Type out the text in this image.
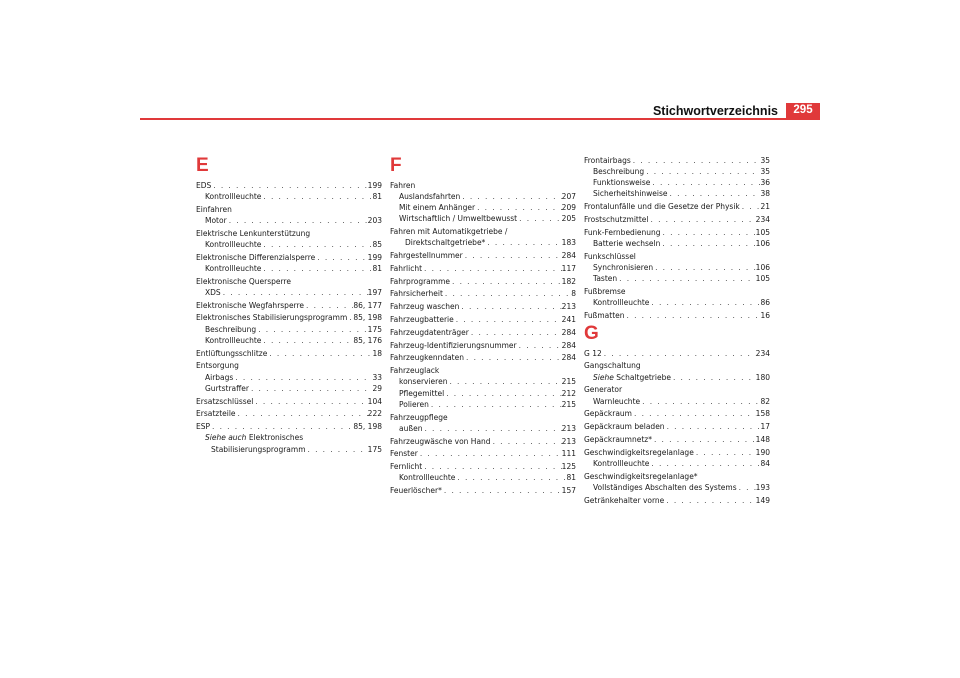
Stichwortverzeichnis	295
E
EDS . . .	199
Kontrollleuchte . . .	81
Einfahren
Motor . . .	203
Elektrische Lenkunterstützung
Kontrollleuchte . . .	85
Elektronische Differenzialsperre . . .	199
Kontrollleuchte . . .	81
Elektronische Quersperre
XDS . . .	197
Elektronische Wegfahrsperre . . .	86, 177
Elektronisches Stabilisierungsprogramm . . . 85, 198
Beschreibung . . .	175
Kontrollleuchte . . .	85, 176
Entlüftungsschlitze . . .	18
Entsorgung
Airbags . . .	33
Gurtstraffer . . .	29
Ersatzschlüssel . . .	104
Ersatzteile . . .	222
ESP . . .	85, 198
Siehe auch Elektronisches
Stabilisierungsprogramm . . .	175
F
Fahren
Auslandsfahrten . . .	207
Mit einem Anhänger . . .	209
Wirtschaftlich / Umweltbewusst . . .	205
Fahren mit Automatikgetriebe /
Direktschaltgetriebe* . . .	183
Fahrgestellnummer . . .	284
Fahrlicht . . .	117
Fahrprogramme . . .	182
Fahrsicherheit . . .	8
Fahrzeug waschen . . .	213
Fahrzeugbatterie . . .	241
Fahrzeugdatenträger . . .	284
Fahrzeug-Identifizierungsnummer . . .	284
Fahrzeugkenndaten . . .	284
Fahrzeuglack
konservieren . . .	215
Pflegemittel . . .	212
Polieren . . .	215
Fahrzeugpflege
außen . . .	213
Fahrzeugwäsche von Hand . . .	213
Fenster . . .	111
Fernlicht . . .	125
Kontrollleuchte . . .	81
Feuerlöscher* . . .	157
Frontairbags . . .	35
Beschreibung . . .	35
Funktionsweise . . .	36
Sicherheitshinweise . . .	38
Frontalunfälle und die Gesetze der Physik . . .	21
Frostschutzmittel . . .	234
Funk-Fernbedienung . . .	105
Batterie wechseln . . .	106
Funkschlüssel
Synchronisieren . . .	106
Tasten . . .	105
Fußbremse
Kontrollleuchte . . .	86
Fußmatten . . .	16
G
G 12 . . .	234
Gangschaltung
Siehe Schaltgetriebe . . .	180
Generator
Warnleuchte . . .	82
Gepäckraum . . .	158
Gepäckraum beladen . . .	17
Gepäckraumnetz* . . .	148
Geschwindigkeitsregelanlage . . .	190
Kontrollleuchte . . .	84
Geschwindigkeitsregelanlage*
Vollständiges Abschalten des Systems . . .	193
Getränkehalter vorne . . .	149
